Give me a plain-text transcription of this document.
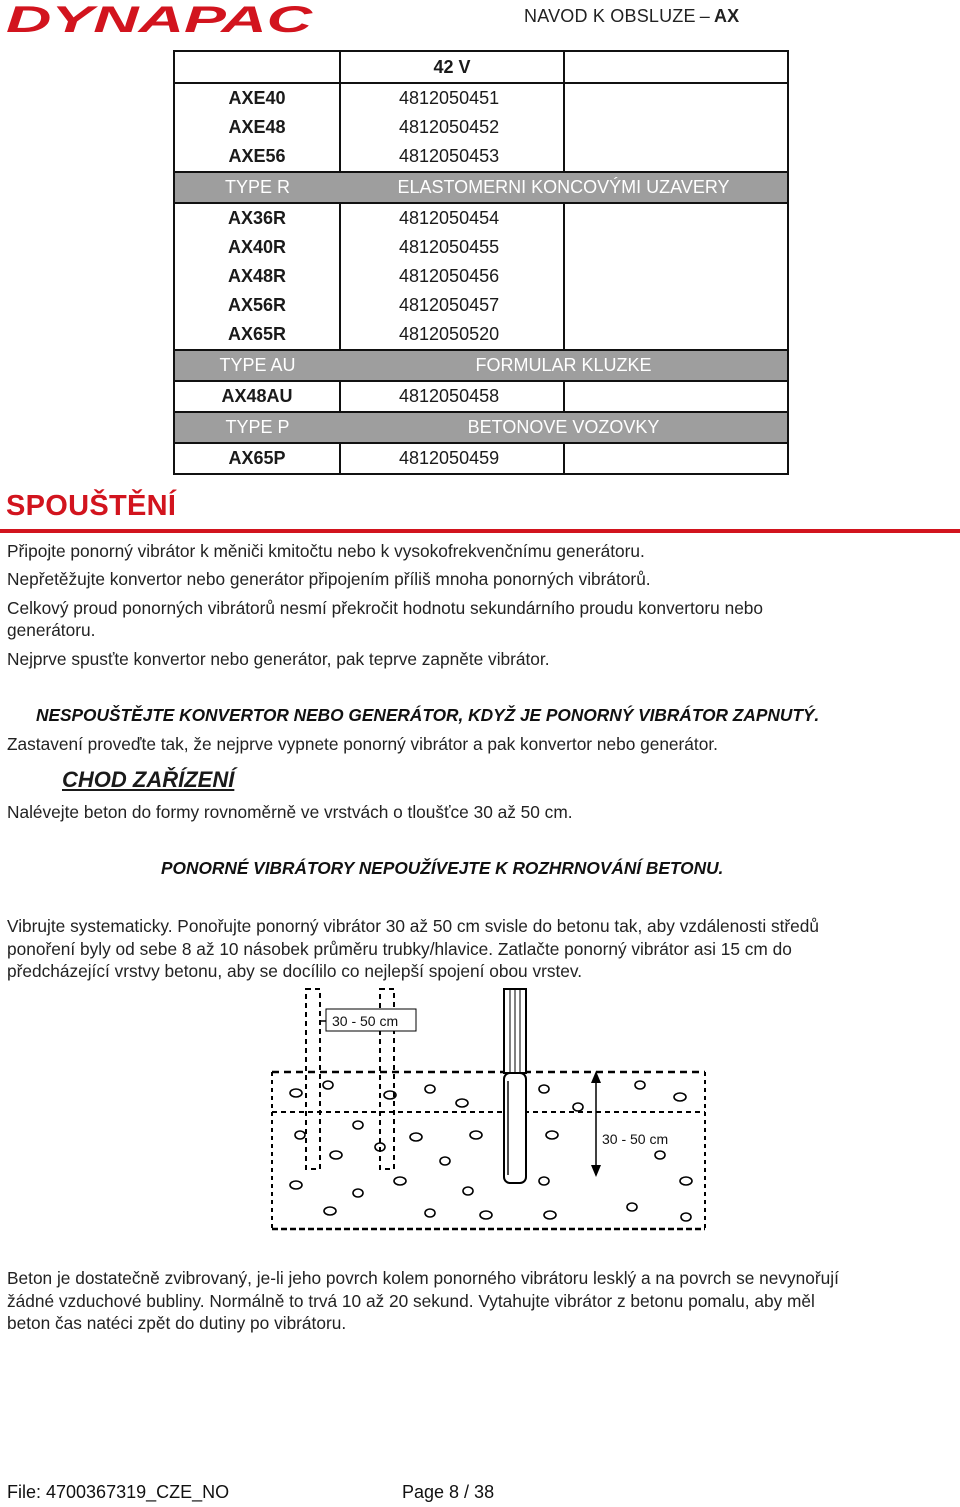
DYNAPAC	NAVOD K OBSLUZE – AX
	42 V	
AXE40	4812050451	
AXE48	4812050452	
AXE56	4812050453	
TYPE R	ELASTOMERNI KONCOVÝMI UZAVERY	
AX36R	4812050454	
AX40R	4812050455	
AX48R	4812050456	
AX56R	4812050457	
AX65R	4812050520	
TYPE AU	FORMULAR KLUZKE	
AX48AU	4812050458	
TYPE P	BETONOVE VOZOVKY	
AX65P	4812050459	
SPOUŠTĚNÍ
Připojte ponorný vibrátor k měniči kmitočtu nebo k vysokofrekvenčnímu generátoru.
Nepřetěžujte konvertor nebo generátor připojením příliš mnoha ponorných vibrátorů.
Celkový proud ponorných vibrátorů nesmí překročit hodnotu sekundárního proudu konvertoru nebo
generátoru.
Nejprve spusťte konvertor nebo generátor, pak teprve zapněte vibrátor.
NESPOUŠTĚJTE KONVERTOR NEBO GENERÁTOR, KDYŽ JE PONORNÝ VIBRÁTOR ZAPNUTÝ.
Zastavení proveďte tak, že nejprve vypnete ponorný vibrátor a pak konvertor nebo generátor.
CHOD ZAŘÍZENÍ
Nalévejte beton do formy rovnoměrně ve vrstvách o tloušťce 30 až 50 cm.
PONORNÉ VIBRÁTORY NEPOUŽÍVEJTE K ROZHRNOVÁNÍ BETONU.
Vibrujte systematicky. Ponořujte ponorný vibrátor 30 až 50 cm svisle do betonu tak, aby vzdálenosti středů
ponoření byly od sebe 8 až 10 násobek průměru trubky/hlavice. Zatlačte ponorný vibrátor asi 15 cm do
předcházející vrstvy betonu, aby se docílilo co nejlepší spojení obou vrstev.
30 - 50 cm
30 - 50 cm
Beton je dostatečně zvibrovaný, je-li jeho povrch kolem ponorného vibrátoru lesklý a na povrch se nevynořují
žádné vzduchové bubliny. Normálně to trvá 10 až 20 sekund. Vytahujte vibrátor z betonu pomalu, aby měl
beton čas natéci zpět do dutiny po vibrátoru.
File: 4700367319_CZE_NO	Page 8 / 38
